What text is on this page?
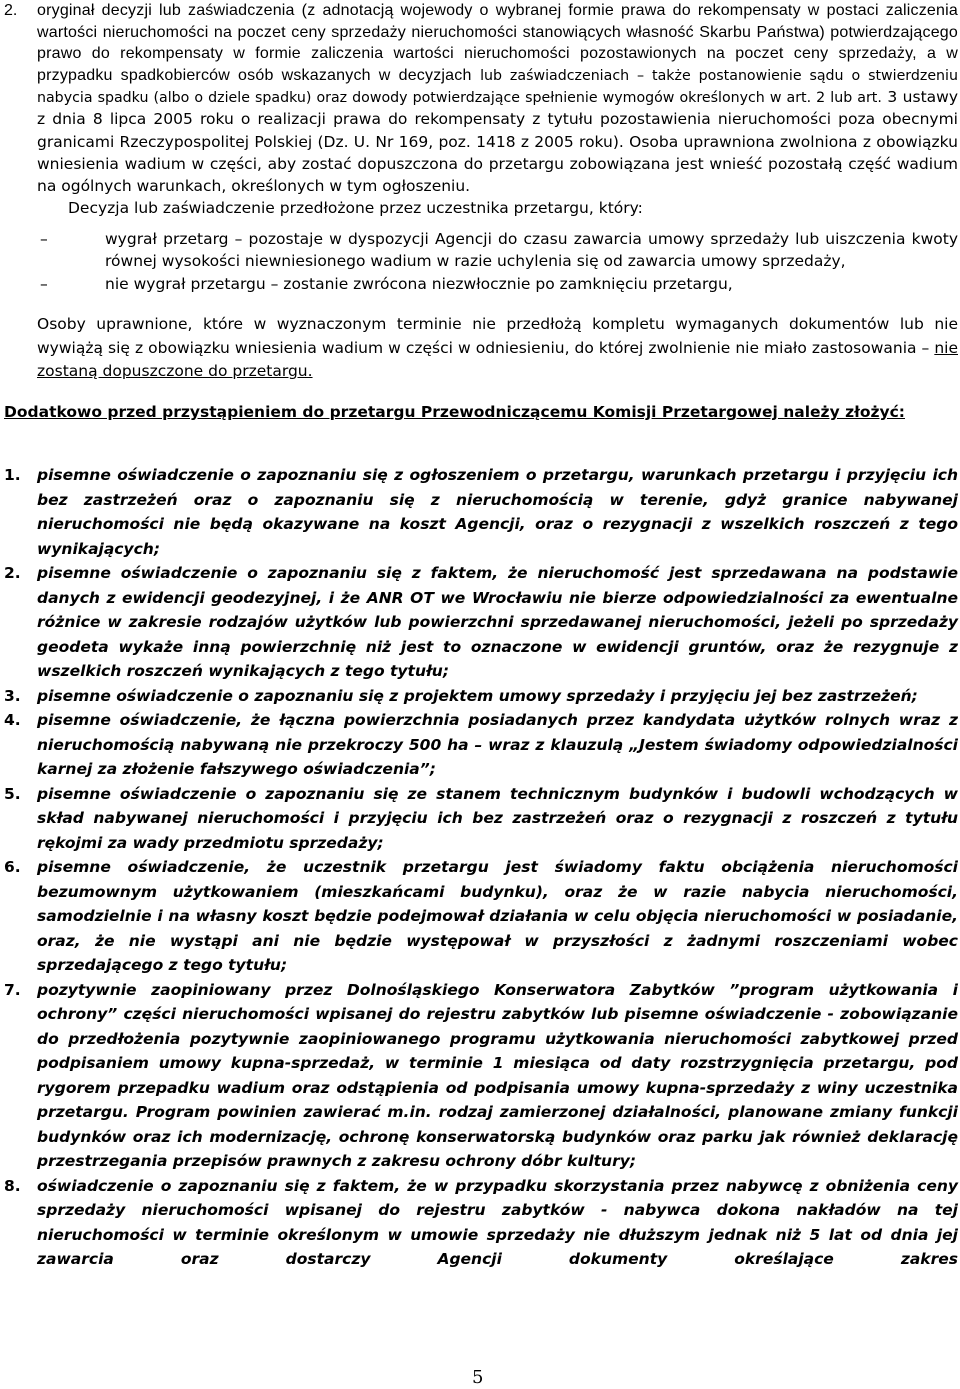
2. oryginał decyzji lub zaświadczenia (z adnotacją wojewody o wybranej formie prawa do rekompensaty w postaci zaliczenia wartości nieruchomości na poczet ceny sprzedaży nieruchomości stanowiących własność Skarbu Państwa) potwierdzającego prawo do rekompensaty w formie zaliczenia wartości nieruchomości pozostawionych na poczet ceny sprzedaży, a w przypadku spadkobierców osób wskazanych w decyzjach lub zaświadczeniach – także postanowienie sądu o stwierdzeniu nabycia spadku (albo o dziele spadku) oraz dowody potwierdzające spełnienie wymogów określonych w art. 2 lub art. 3 ustawy z dnia 8 lipca 2005 roku o realizacji prawa do rekompensaty z tytułu pozostawienia nieruchomości poza obecnymi granicami Rzeczypospolitej Polskiej (Dz. U. Nr 169, poz. 1418 z 2005 roku). Osoba uprawniona zwolniona z obowiązku wniesienia wadium w części, aby zostać dopuszczona do przetargu zobowiązana jest wnieść pozostałą część wadium na ogólnych warunkach, określonych w tym ogłoszeniu.
Decyzja lub zaświadczenie przedłożone przez uczestnika przetargu, który:
–	wygrał przetarg – pozostaje w dyspozycji Agencji do czasu zawarcia umowy sprzedaży lub uiszczenia kwoty równej wysokości niewniesionego wadium w razie uchylenia się od zawarcia umowy sprzedaży,
–	nie wygrał przetargu – zostanie zwrócona niezwłocznie po zamknięciu przetargu,
Osoby uprawnione, które w wyznaczonym terminie nie przedłożą kompletu wymaganych dokumentów lub nie wywiążą się z obowiązku wniesienia wadium w części w odniesieniu, do której zwolnienie nie miało zastosowania – nie zostaną dopuszczone do przetargu.
Dodatkowo przed przystąpieniem do przetargu Przewodniczącemu Komisji Przetargowej należy złożyć:
1. pisemne oświadczenie o zapoznaniu się z ogłoszeniem o przetargu, warunkach przetargu i przyjęciu ich bez zastrzeżeń oraz o zapoznaniu się z nieruchomością w terenie, gdyż granice nabywanej nieruchomości nie będą okazywane na koszt Agencji, oraz o rezygnacji z wszelkich roszczeń z tego wynikających;
2. pisemne oświadczenie o zapoznaniu się z faktem, że nieruchomość jest sprzedawana na podstawie danych z ewidencji geodezyjnej, i że ANR OT we Wrocławiu nie bierze odpowiedzialności za ewentualne różnice w zakresie rodzajów użytków lub powierzchni sprzedawanej nieruchomości, jeżeli po sprzedaży geodeta wykaże inną powierzchnię niż jest to oznaczone w ewidencji gruntów, oraz że rezygnuje z wszelkich roszczeń wynikających z tego tytułu;
3. pisemne oświadczenie o zapoznaniu się z projektem umowy sprzedaży i przyjęciu jej bez zastrzeżeń;
4. pisemne oświadczenie, że łączna powierzchnia posiadanych przez kandydata użytków rolnych wraz z nieruchomością nabywaną nie przekroczy 500 ha – wraz z klauzulą „Jestem świadomy odpowiedzialności karnej za złożenie fałszywego oświadczenia”;
5. pisemne oświadczenie o zapoznaniu się ze stanem technicznym budynków i budowli wchodzących w skład nabywanej nieruchomości i przyjęciu ich bez zastrzeżeń oraz o rezygnacji z roszczeń z tytułu rękojmi za wady przedmiotu sprzedaży;
6. pisemne oświadczenie, że uczestnik przetargu jest świadomy faktu obciążenia nieruchomości bezumownym użytkowaniem (mieszkańcami budynku), oraz że w razie nabycia nieruchomości, samodzielnie i na własny koszt będzie podejmował działania w celu objęcia nieruchomości w posiadanie, oraz, że nie wystąpi ani nie będzie występował w przyszłości z żadnymi roszczeniami wobec sprzedającego z tego tytułu;
7. pozytywnie zaopiniowany przez Dolnośląskiego Konserwatora Zabytków ”program użytkowania i ochrony” części nieruchomości wpisanej do rejestru zabytków lub pisemne oświadczenie - zobowiązanie do przedłożenia pozytywnie zaopiniowanego programu użytkowania nieruchomości zabytkowej przed podpisaniem umowy kupna-sprzedaż, w terminie 1 miesiąca od daty rozstrzygnięcia przetargu, pod rygorem przepadku wadium oraz odstąpienia od podpisania umowy kupna-sprzedaży z winy uczestnika przetargu. Program powinien zawierać m.in. rodzaj zamierzonej działalności, planowane zmiany funkcji budynków oraz ich modernizację, ochronę konserwatorską budynków oraz parku jak również deklarację przestrzegania przepisów prawnych z zakresu ochrony dóbr kultury;
8. oświadczenie o zapoznaniu się z faktem, że w przypadku skorzystania przez nabywcę z obniżenia ceny sprzedaży nieruchomości wpisanej do rejestru zabytków - nabywca dokona nakładów na tej nieruchomości w terminie określonym w umowie sprzedaży nie dłuższym jednak niż 5 lat od dnia jej zawarcia oraz dostarczy Agencji dokumenty określające zakres
5
